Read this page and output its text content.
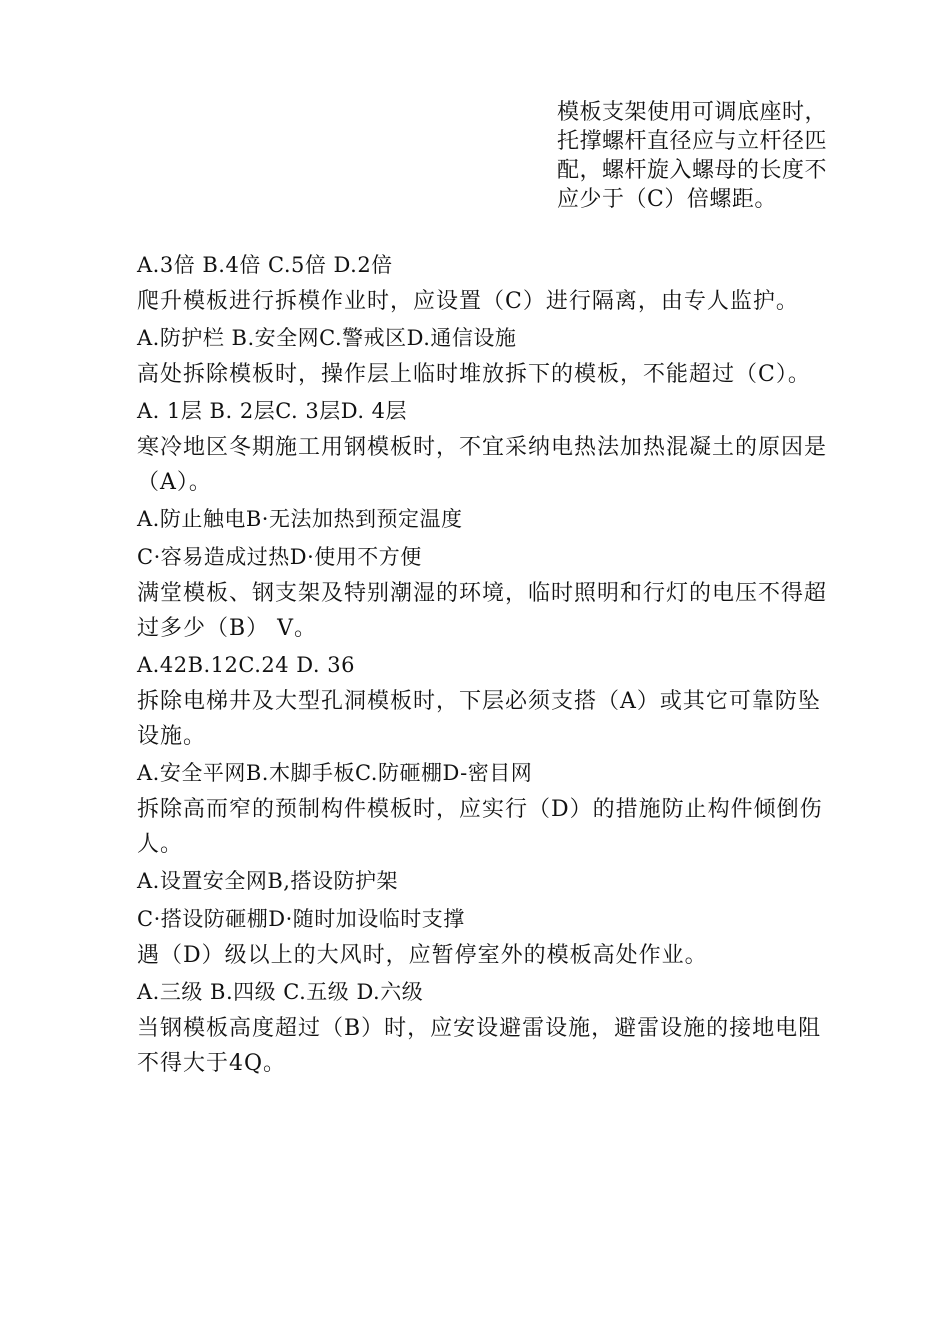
模板支架使用可调底座时，托撑螺杆直径应与立杆径匹配，螺杆旋入螺母的长度不应少于（C）倍螺距。
A.3倍 B.4倍 C.5倍 D.2倍
爬升模板进行拆模作业时，应设置（C）进行隔离，由专人监护。
A.防护栏 B.安全网C.警戒区D.通信设施
高处拆除模板时，操作层上临时堆放拆下的模板，不能超过（C）。
A. 1层 B. 2层C. 3层D. 4层
寒冷地区冬期施工用钢模板时，不宜采纳电热法加热混凝土的原因是（A）。
A.防止触电B·无法加热到预定温度
C·容易造成过热D·使用不方便
满堂模板、钢支架及特别潮湿的环境，临时照明和行灯的电压不得超过多少（B） V。
A.42B.12C.24 D. 36
拆除电梯井及大型孔洞模板时，下层必须支搭（A）或其它可靠防坠设施。
A.安全平网B.木脚手板C.防砸棚D-密目网
拆除高而窄的预制构件模板时，应实行（D）的措施防止构件倾倒伤人。
A.设置安全网B,搭设防护架
C·搭设防砸棚D·随时加设临时支撑
遇（D）级以上的大风时，应暂停室外的模板高处作业。
A.三级 B.四级 C.五级 D.六级
当钢模板高度超过（B）时，应安设避雷设施，避雷设施的接地电阻不得大于4Q。
